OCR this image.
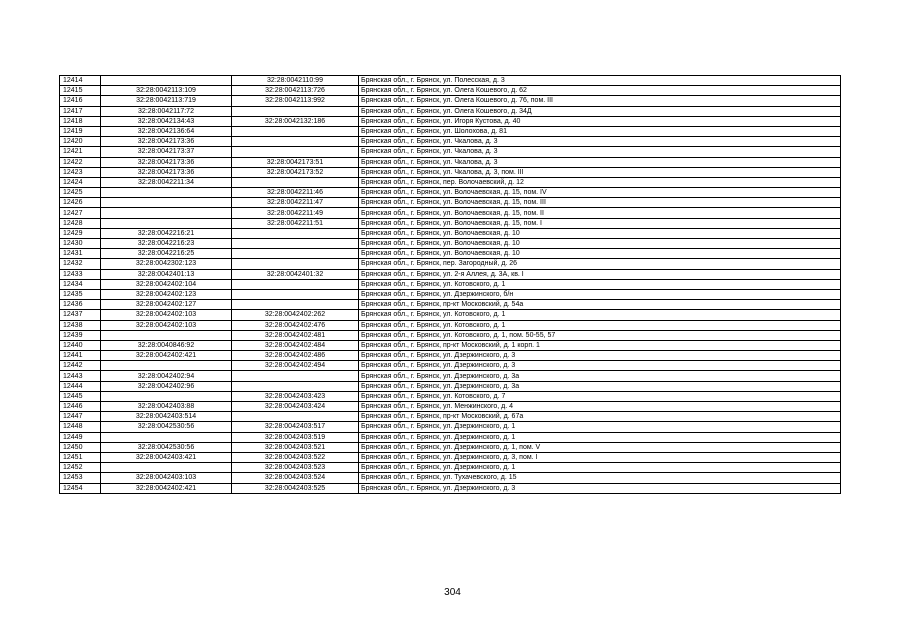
12414		32:28:0042110:99	Брянская обл., г. Брянск, ул. Полесская, д. 3
12415	32:28:0042113:109	32:28:0042113:726	Брянская обл., г. Брянск, ул. Олега Кошевого, д. 62
12416	32:28:0042113:719	32:28:0042113:992	Брянская обл., г. Брянск, ул. Олега Кошевого, д. 76, пом. III
12417	32:28:0042117:72		Брянская обл., г. Брянск, ул. Олега Кошевого, д. 34Д
12418	32:28:0042134:43	32:28:0042132:186	Брянская обл., г. Брянск, ул. Игоря Кустова, д. 40
12419	32:28:0042136:64		Брянская обл., г. Брянск, ул. Шолохова, д. 81
12420	32:28:0042173:36		Брянская обл., г. Брянск, ул. Чкалова, д. 3
12421	32:28:0042173:37		Брянская обл., г. Брянск, ул. Чкалова, д. 3
12422	32:28:0042173:36	32:28:0042173:51	Брянская обл., г. Брянск, ул. Чкалова, д. 3
12423	32:28:0042173:36	32:28:0042173:52	Брянская обл., г. Брянск, ул. Чкалова, д. 3, пом. III
12424	32:28:0042211:34		Брянская обл., г. Брянск, пер. Волочаевский, д. 12
12425		32:28:0042211:46	Брянская обл., г. Брянск, ул. Волочаевская, д. 15, пом. IV
12426		32:28:0042211:47	Брянская обл., г. Брянск, ул. Волочаевская, д. 15, пом. III
12427		32:28:0042211:49	Брянская обл., г. Брянск, ул. Волочаевская, д. 15, пом. II
12428		32:28:0042211:51	Брянская обл., г. Брянск, ул. Волочаевская, д. 15, пом. I
12429	32:28:0042216:21		Брянская обл., г. Брянск, ул. Волочаевская, д. 10
12430	32:28:0042216:23		Брянская обл., г. Брянск, ул. Волочаевская, д. 10
12431	32:28:0042216:25		Брянская обл., г. Брянск, ул. Волочаевская, д. 10
12432	32:28:0042302:123		Брянская обл., г. Брянск, пер. Загородный, д. 26
12433	32:28:0042401:13	32:28:0042401:32	Брянская обл., г. Брянск, ул. 2-я Аллея, д. 3А, кв. I
12434	32:28:0042402:104		Брянская обл., г. Брянск, ул. Котовского, д. 1
12435	32:28:0042402:123		Брянская обл., г. Брянск, ул. Дзержинского, б/н
12436	32:28:0042402:127		Брянская обл., г. Брянск, пр-кт Московский, д. 54а
12437	32:28:0042402:103	32:28:0042402:262	Брянская обл., г. Брянск, ул. Котовского, д. 1
12438	32:28:0042402:103	32:28:0042402:476	Брянская обл., г. Брянск, ул. Котовского, д. 1
12439		32:28:0042402:481	Брянская обл., г. Брянск, ул. Котовского, д. 1, пом. 50-55, 57
12440	32:28:0040846:92	32:28:0042402:484	Брянская обл., г. Брянск, пр-кт Московский, д. 1 корп. 1
12441	32:28:0042402:421	32:28:0042402:486	Брянская обл., г. Брянск, ул. Дзержинского, д. 3
12442		32:28:0042402:494	Брянская обл., г. Брянск, ул. Дзержинского, д. 3
12443	32:28:0042402:94		Брянская обл., г. Брянск, ул. Дзержинского, д. 3а
12444	32:28:0042402:96		Брянская обл., г. Брянск, ул. Дзержинского, д. 3а
12445		32:28:0042403:423	Брянская обл., г. Брянск, ул. Котовского, д. 7
12446	32:28:0042403:88	32:28:0042403:424	Брянская обл., г. Брянск, ул. Менжинского, д. 4
12447	32:28:0042403:514		Брянская обл., г. Брянск, пр-кт Московский, д. 67а
12448	32:28:0042530:56	32:28:0042403:517	Брянская обл., г. Брянск, ул. Дзержинского, д. 1
12449		32:28:0042403:519	Брянская обл., г. Брянск, ул. Дзержинского, д. 1
12450	32:28:0042530:56	32:28:0042403:521	Брянская обл., г. Брянск, ул. Дзержинского, д. 1, пом. V
12451	32:28:0042403:421	32:28:0042403:522	Брянская обл., г. Брянск, ул. Дзержинского, д. 3, пом. I
12452		32:28:0042403:523	Брянская обл., г. Брянск, ул. Дзержинского, д. 1
12453	32:28:0042403:103	32:28:0042403:524	Брянская обл., г. Брянск, ул. Тухачевского, д. 15
12454	32:28:0042402:421	32:28:0042403:525	Брянская обл., г. Брянск, ул. Дзержинского, д. 3
304
